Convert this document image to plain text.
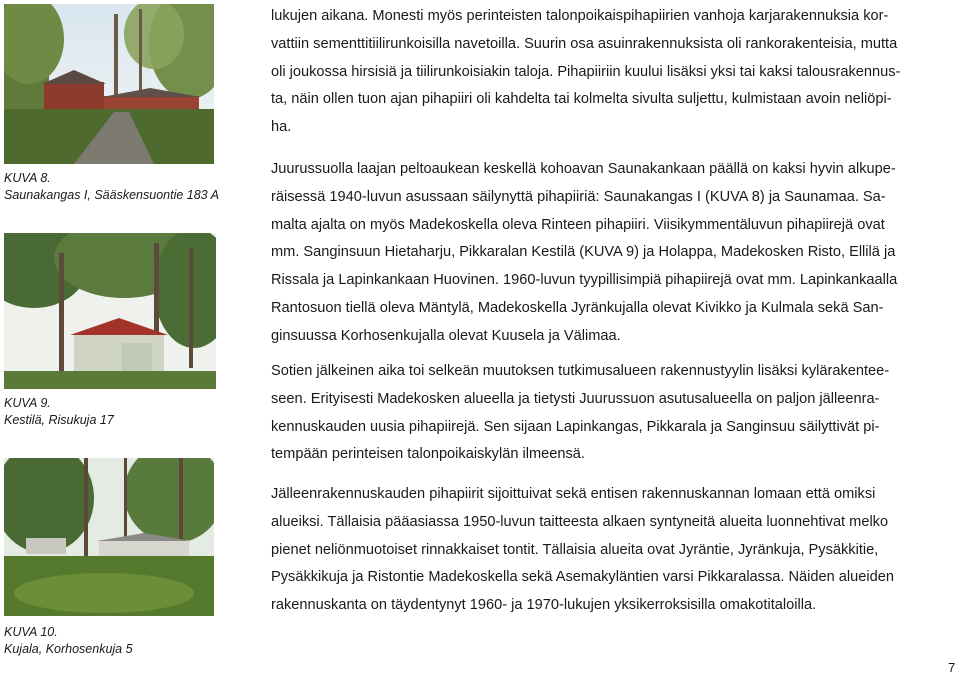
KUVA 8.
Saunakangas I, Sääskensuontie 183 A
KUVA 9.
Kestilä, Risukuja 17
KUVA 10.
Kujala, Korhosenkuja 5
lukujen aikana. Monesti myös perinteisten talonpoikaispihapiirien vanhoja karjarakennuksia kor-
vattiin sementtitiilirunkoisilla navetoilla. Suurin osa asuinrakennuksista oli rankorakenteisia, mutta
oli joukossa hirsisiä ja tiilirunkoisiakin taloja. Pihapiiriin kuului lisäksi yksi tai kaksi talousrakennus-
ta, näin ollen tuon ajan pihapiiri oli kahdelta tai kolmelta sivulta suljettu, kulmistaan avoin neliöpi-
ha.
Juurussuolla laajan peltoaukean keskellä kohoavan Saunakankaan päällä on kaksi hyvin alkupe-
räisessä 1940-luvun asussaan säilynyttä pihapiiriä: Saunakangas I (KUVA 8) ja Saunamaa. Sa-
malta ajalta on myös Madekoskella oleva Rinteen pihapiiri. Viisikymmentäluvun pihapiirejä ovat
mm. Sanginsuun Hietaharju, Pikkaralan Kestilä (KUVA 9) ja Holappa, Madekosken Risto, Ellilä ja
Rissala ja Lapinkankaan Huovinen. 1960-luvun tyypillisimpiä pihapiirejä ovat mm. Lapinkankaalla
Rantosuon tiellä oleva Mäntylä, Madekoskella Jyränkujalla olevat Kivikko ja Kulmala sekä San-
ginsuussa Korhosenkujalla olevat Kuusela ja Välimaa.
Sotien jälkeinen aika toi selkeän muutoksen tutkimusalueen rakennustyylin lisäksi kylärakentee-
seen. Erityisesti Madekosken alueella ja tietysti Juurussuon asutusalueella on paljon jälleenra-
kennuskauden uusia pihapiirejä. Sen sijaan Lapinkangas, Pikkarala ja Sanginsuu säilyttivät pi-
tempään perinteisen talonpoikaiskylän ilmeensä.
Jälleenrakennuskauden pihapiirit sijoittuivat sekä entisen rakennuskannan lomaan että omiksi
alueiksi. Tällaisia pääasiassa 1950-luvun taitteesta alkaen syntyneitä alueita luonnehtivat melko
pienet neliönmuotoiset rinnakkaiset tontit. Tällaisia alueita ovat Jyräntie, Jyränkuja, Pysäkkitie,
Pysäkkikuja ja Ristontie Madekoskella sekä Asemakyläntien varsi Pikkaralassa. Näiden alueiden
rakennuskanta on täydentynyt 1960- ja 1970-lukujen yksikerroksisilla omakotitaloilla.
7
